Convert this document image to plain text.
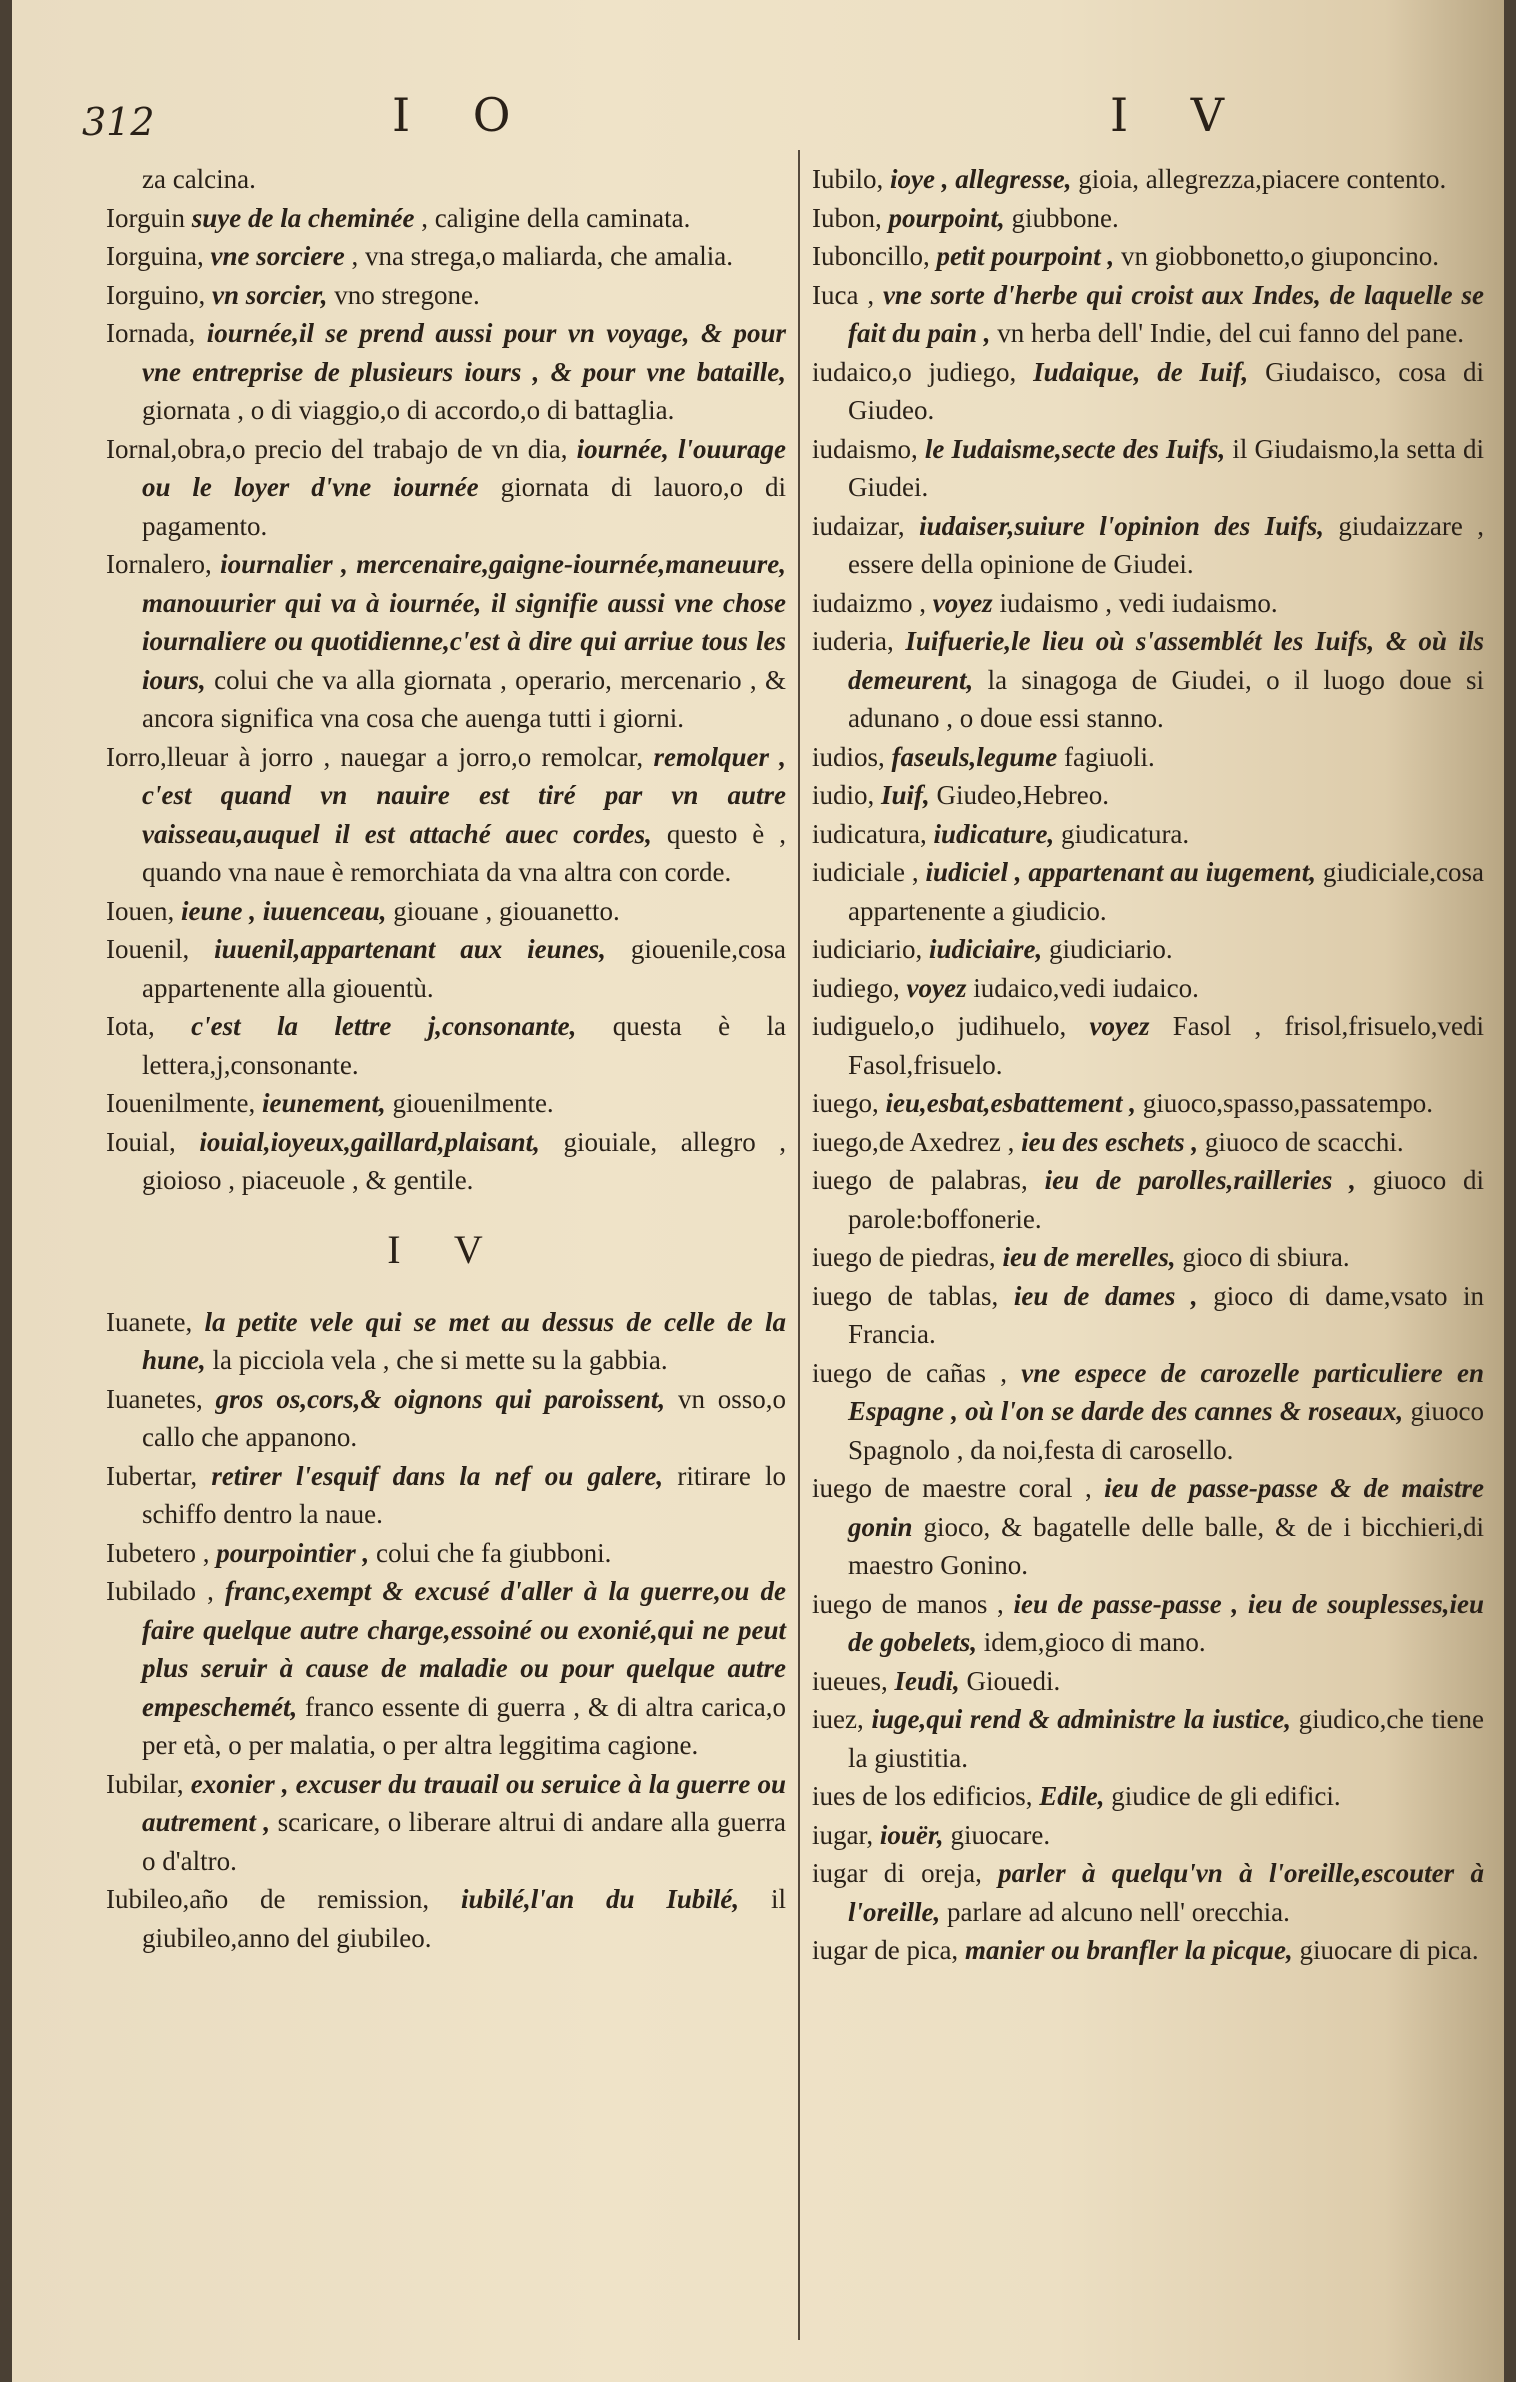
312	I O	I V

za calcina.

Iorguin suye de la cheminée , caligine della caminata.

Iorguina, vne sorciere , vna strega,o maliarda, che amalia.

Iorguino, vn sorcier, vno stregone.

Iornada, iournée,il se prend aussi pour vn voyage, & pour vne entreprise de plusieurs iours , & pour vne bataille, giornata , o di viaggio,o di accordo,o di battaglia.

Iornal,obra,o precio del trabajo de vn dia, iournée, l'ouurage ou le loyer d'vne iournée giornata di lauoro,o di pagamento.

Iornalero, iournalier , mercenaire,gaigne-iournée,maneuure, manouurier qui va à iournée, il signifie aussi vne chose iournaliere ou quotidienne,c'est à dire qui arriue tous les iours, colui che va alla giornata , operario, mercenario , & ancora significa vna cosa che auenga tutti i giorni.

Iorro,lleuar à jorro , nauegar a jorro,o remolcar, remolquer , c'est quand vn nauire est tiré par vn autre vaisseau,auquel il est attaché auec cordes, questo è , quando vna naue è remorchiata da vna altra con corde.

Iouen, ieune , iuuenceau, giouane , giouanetto.

Iouenil, iuuenil,appartenant aux ieunes, giouenile,cosa appartenente alla giouentù.

Iota, c'est la lettre j,consonante, questa è la lettera,j,consonante.

Iouenilmente, ieunement, giouenilmente.

Iouial, iouial,ioyeux,gaillard,plaisant, giouiale, allegro , gioioso , piaceuole , & gentile.

I V

Iuanete, la petite vele qui se met au dessus de celle de la hune, la picciola vela , che si mette su la gabbia.

Iuanetes, gros os,cors,& oignons qui paroissent, vn osso,o callo che appanono.

Iubertar, retirer l'esquif dans la nef ou galere, ritirare lo schiffo dentro la naue.

Iubetero , pourpointier , colui che fa giubboni.

Iubilado , franc,exempt & excusé d'aller à la guerre,ou de faire quelque autre charge,essoiné ou exonié,qui ne peut plus seruir à cause de maladie ou pour quelque autre empeschemét, franco essente di guerra , & di altra carica,o per età, o per malatia, o per altra leggitima cagione.

Iubilar, exonier , excuser du trauail ou seruice à la guerre ou autrement , scaricare, o liberare altrui di andare alla guerra o d'altro.

Iubileo,año de remission, iubilé,l'an du Iubilé, il giubileo,anno del giubileo.

Iubilo, ioye , allegresse, gioia, allegrezza,piacere contento.

Iubon, pourpoint, giubbone.

Iuboncillo, petit pourpoint , vn giobbonetto,o giuponcino.

Iuca , vne sorte d'herbe qui croist aux Indes, de laquelle se fait du pain , vn herba dell' Indie, del cui fanno del pane.

iudaico,o judiego, Iudaique, de Iuif, Giudaisco, cosa di Giudeo.

iudaismo, le Iudaisme,secte des Iuifs, il Giudaismo,la setta di Giudei.

iudaizar, iudaiser,suiure l'opinion des Iuifs, giudaizzare , essere della opinione de Giudei.

iudaizmo , voyez iudaismo , vedi iudaismo.

iuderia, Iuifuerie,le lieu où s'assemblét les Iuifs, & où ils demeurent, la sinagoga de Giudei, o il luogo doue si adunano , o doue essi stanno.

iudios, faseuls,legume fagiuoli.

iudio, Iuif, Giudeo,Hebreo.

iudicatura, iudicature, giudicatura.

iudiciale , iudiciel , appartenant au iugement, giudiciale,cosa appartenente a giudicio.

iudiciario, iudiciaire, giudiciario.

iudiego, voyez iudaico,vedi iudaico.

iudiguelo,o judihuelo, voyez Fasol , frisol,frisuelo,vedi Fasol,frisuelo.

iuego, ieu,esbat,esbattement , giuoco,spasso,passatempo.

iuego,de Axedrez , ieu des eschets , giuoco de scacchi.

iuego de palabras, ieu de parolles,railleries , giuoco di parole:boffonerie.

iuego de piedras, ieu de merelles, gioco di sbiura.

iuego de tablas, ieu de dames , gioco di dame,vsato in Francia.

iuego de cañas , vne espece de carozelle particuliere en Espagne , où l'on se darde des cannes & roseaux, giuoco Spagnolo , da noi,festa di carosello.

iuego de maestre coral , ieu de passe-passe & de maistre gonin gioco, & bagatelle delle balle, & de i bicchieri,di maestro Gonino.

iuego de manos , ieu de passe-passe , ieu de souplesses,ieu de gobelets, idem,gioco di mano.

iueues, Ieudi, Giouedi.

iuez, iuge,qui rend & administre la iustice, giudico,che tiene la giustitia.

iues de los edificios, Edile, giudice de gli edifici.

iugar, iouër, giuocare.

iugar di oreja, parler à quelqu'vn à l'oreille,escouter à l'oreille, parlare ad alcuno nell' orecchia.

iugar de pica, manier ou branfler la picque, giuocare di pica.
